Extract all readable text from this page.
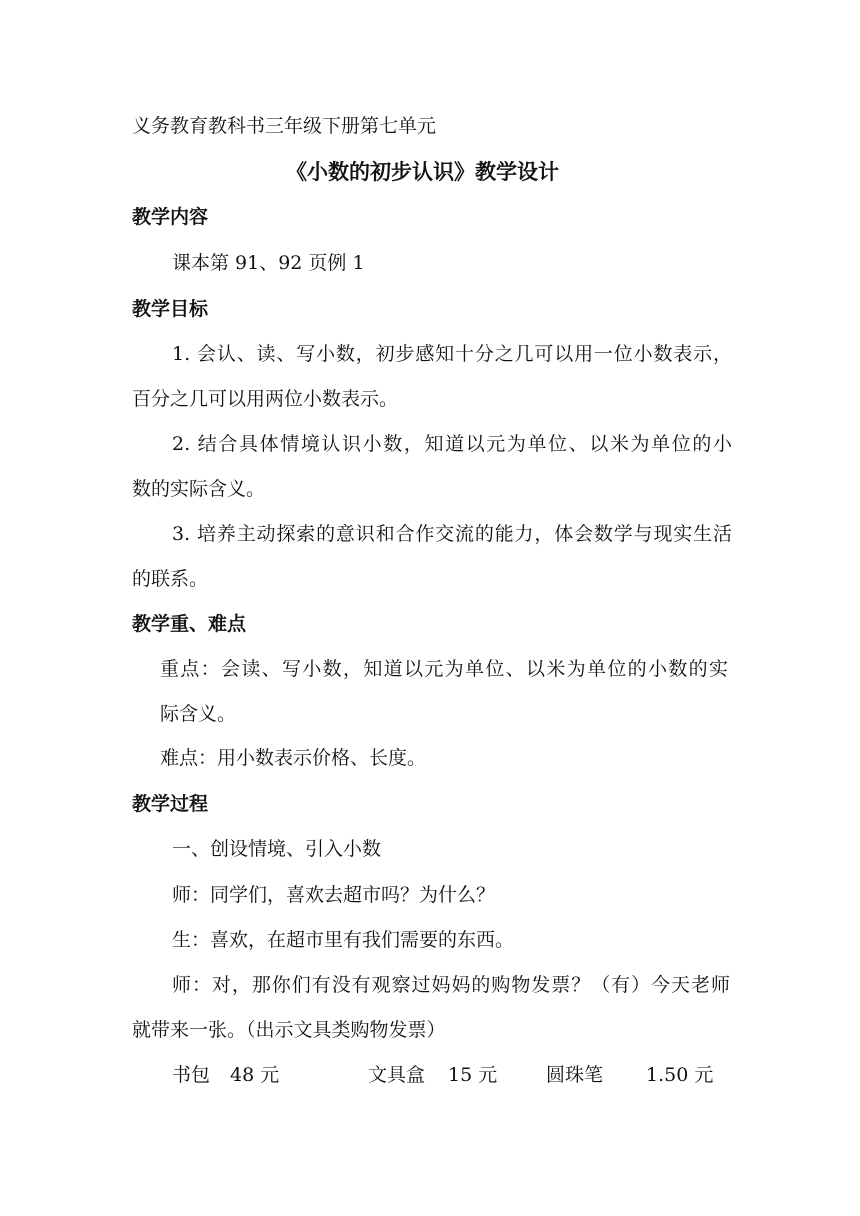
义务教育教科书三年级下册第七单元
《小数的初步认识》教学设计
教学内容
课本第 91、92 页例 1
教学目标
1. 会认、读、写小数，初步感知十分之几可以用一位小数表示，
百分之几可以用两位小数表示。
2. 结合具体情境认识小数，知道以元为单位、以米为单位的小
数的实际含义。
3. 培养主动探索的意识和合作交流的能力，体会数学与现实生活
的联系。
教学重、难点
重点：会读、写小数，知道以元为单位、以米为单位的小数的实
际含义。
难点：用小数表示价格、长度。
教学过程
一、创设情境、引入小数
师：同学们，喜欢去超市吗？为什么？
生：喜欢，在超市里有我们需要的东西。
师：对，那你们有没有观察过妈妈的购物发票？（有）今天老师
就带来一张。（出示文具类购物发票）
书包 48 元	文具盒 15 元	圆珠笔 1.50 元
